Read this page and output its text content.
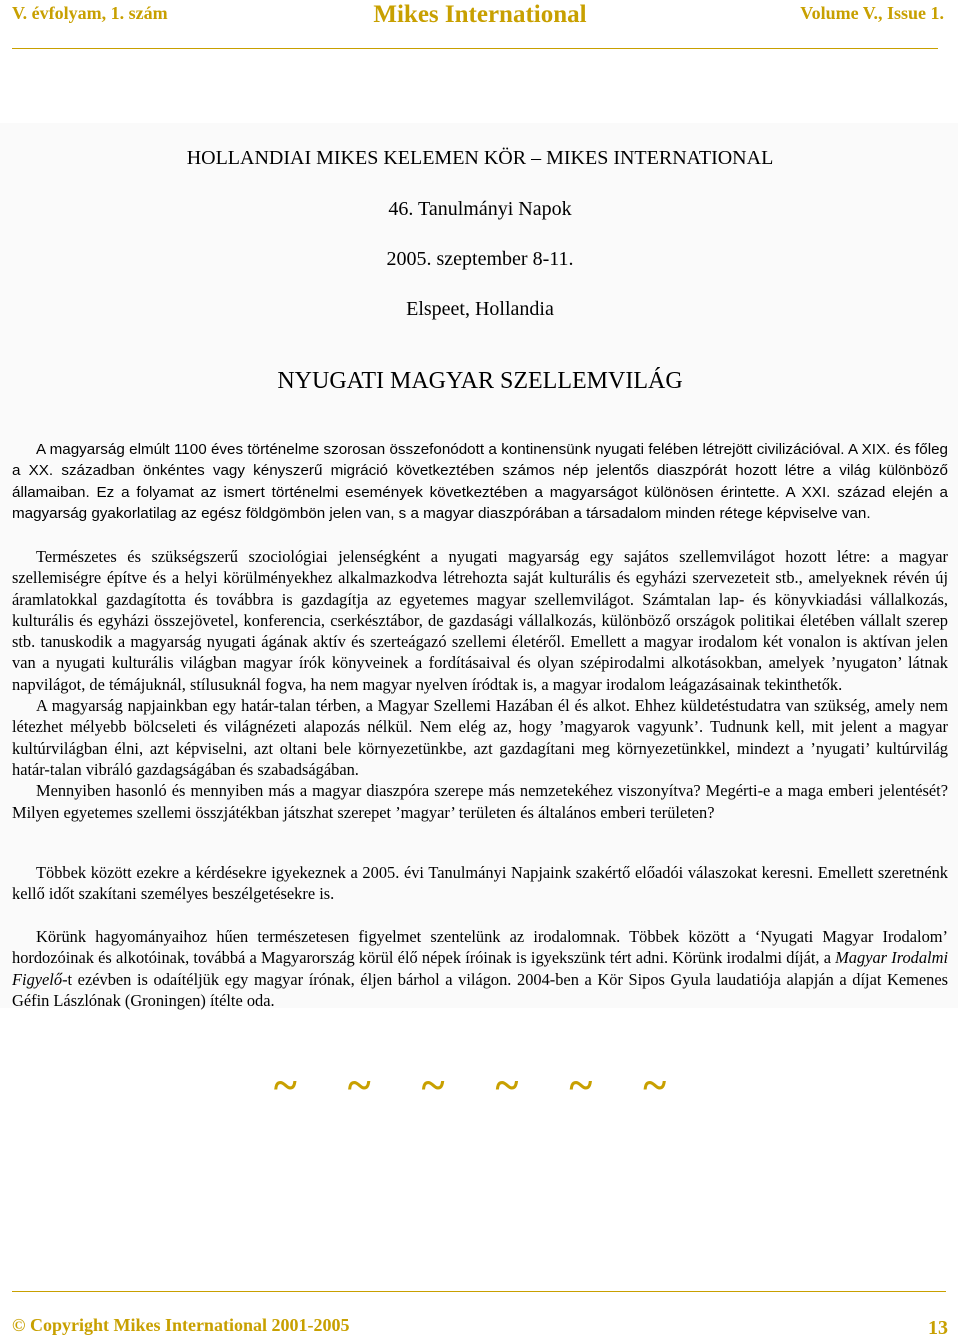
V. évfolyam, 1. szám	Mikes International	Volume V., Issue 1.
HOLLANDIAI MIKES KELEMEN KÖR – MIKES INTERNATIONAL
46. Tanulmányi Napok
2005. szeptember 8-11.
Elspeet, Hollandia
NYUGATI MAGYAR SZELLEMVILÁG

A magyarság elmúlt 1100 éves történelme szorosan összefonódott a kontinensünk nyugati felében létrejött civilizációval. A XIX. és főleg a XX. században önkéntes vagy kényszerű migráció következtében számos nép jelentős diaszpórát hozott létre a világ különböző államaiban. Ez a folyamat az ismert történelmi események következtében a magyarságot különösen érintette. A XXI. század elején a magyarság gyakorlatilag az egész földgömbön jelen van, s a magyar diaszpórában a társadalom minden rétege képviselve van.

Természetes és szükségszerű szociológiai jelenségként a nyugati magyarság egy sajátos szellemvilágot hozott létre: a magyar szellemiségre építve és a helyi körülményekhez alkalmazkodva létrehozta saját kulturális és egyházi szervezeteit stb., amelyeknek révén új áramlatokkal gazdagította és továbbra is gazdagítja az egyetemes magyar szellemvilágot. Számtalan lap- és könyvkiadási vállalkozás, kulturális és egyházi összejövetel, konferencia, cserkésztábor, de gazdasági vállalkozás, különböző országok politikai életében vállalt szerep stb. tanuskodik a magyarság nyugati ágának aktív és szerteágazó szellemi életéről. Emellett a magyar irodalom két vonalon is aktívan jelen van a nyugati kulturális világban magyar írók könyveinek a fordításaival és olyan szépirodalmi alkotásokban, amelyek ’nyugaton’ látnak napvilágot, de témájuknál, stílusuknál fogva, ha nem magyar nyelven íródtak is, a magyar irodalom leágazásainak tekinthetők.

A magyarság napjainkban egy határ-talan térben, a Magyar Szellemi Hazában él és alkot. Ehhez küldetéstudatra van szükség, amely nem létezhet mélyebb bölcseleti és világnézeti alapozás nélkül. Nem elég az, hogy ’magyarok vagyunk’. Tudnunk kell, mit jelent a magyar kultúrvilágban élni, azt képviselni, azt oltani bele környezetünkbe, azt gazdagítani meg környezetünkkel, mindezt a ’nyugati’ kultúrvilág határ-talan vibráló gazdagságában és szabadságában.

Mennyiben hasonló és mennyiben más a magyar diaszpóra szerepe más nemzetekéhez viszonyítva? Megérti-e a maga emberi jelentését? Milyen egyetemes szellemi összjátékban játszhat szerepet ’magyar’ területen és általános emberi területen?

Többek között ezekre a kérdésekre igyekeznek a 2005. évi Tanulmányi Napjaink szakértő előadói válaszokat keresni. Emellett szeretnénk kellő időt szakítani személyes beszélgetésekre is.

Körünk hagyományaihoz hűen természetesen figyelmet szentelünk az irodalomnak. Többek között a ‘Nyugati Magyar Irodalom’ hordozóinak és alkotóinak, továbbá a Magyarország körül élő népek íróinak is igyekszünk tért adni. Körünk irodalmi díját, a Magyar Irodalmi Figyelő-t ezévben is odaítéljük egy magyar írónak, éljen bárhol a világon. 2004-ben a Kör Sipos Gyula laudatiója alapján a díjat Kemenes Géfin Lászlónak (Groningen) ítélte oda.

~ ~ ~ ~ ~ ~
© Copyright Mikes International 2001-2005	13
